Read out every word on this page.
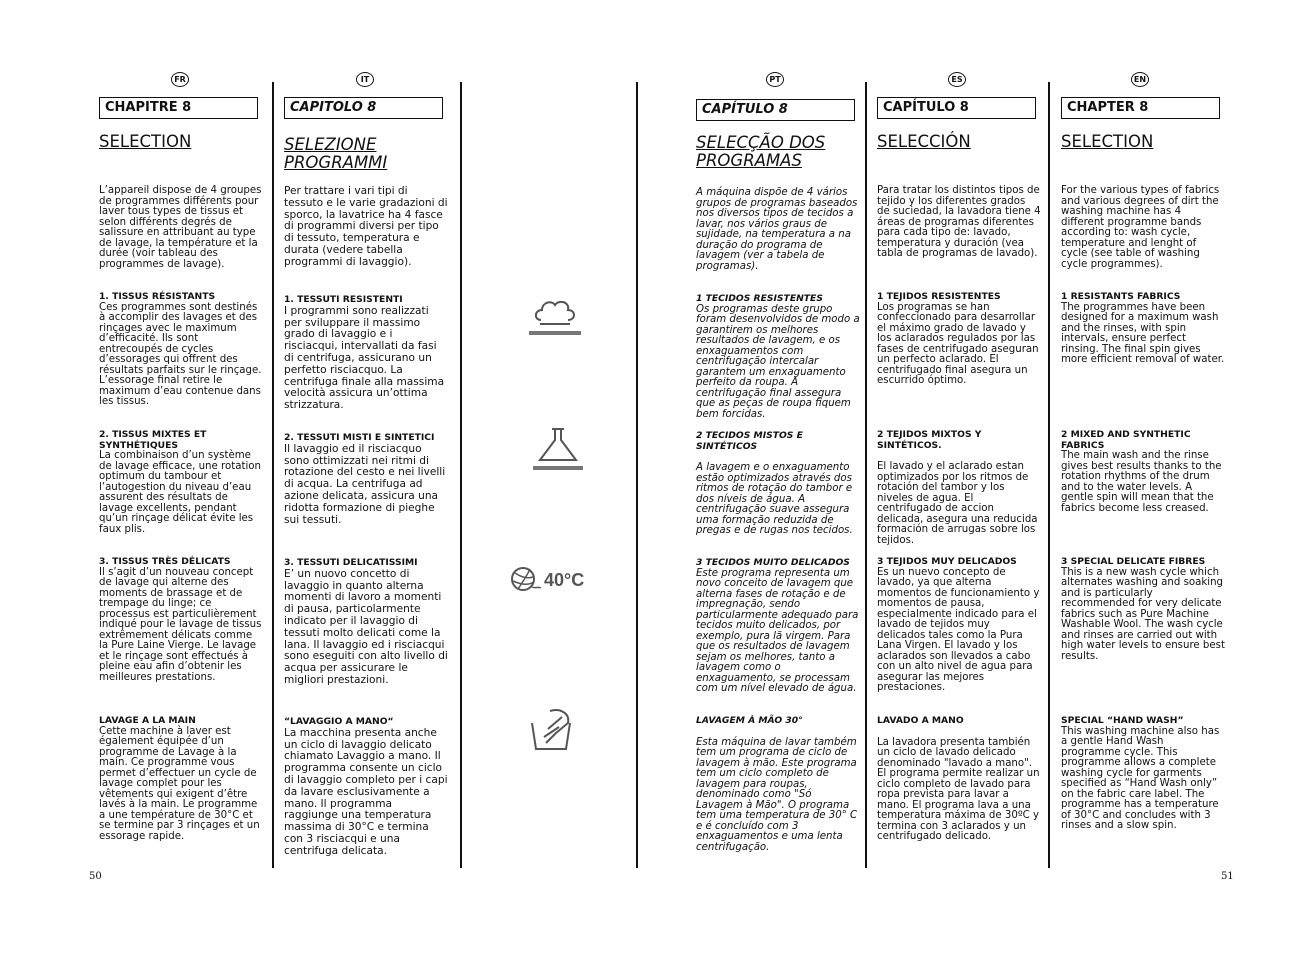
FR	IT	PT	ES	EN
CHAPITRE 8
SELECTION
L’appareil dispose de 4 groupes de programmes différents pour laver tous types de tissus et selon différents degrés de salissure en attribuant au type de lavage, la température et la durée (voir tableau des programmes de lavage).
1. TISSUS RÉSISTANTS
Ces programmes sont destinés à accomplir des lavages et des rinçages avec le maximum d’efficacité. Ils sont entrecoupés de cycles d’essorages qui offrent des résultats parfaits sur le rinçage. L’essorage final retire le maximum d’eau contenue dans les tissus.
2. TISSUS MIXTES ET SYNTHÉTIQUES
La combinaison d’un système de lavage efficace, une rotation optimum du tambour et l’autogestion du niveau d’eau assurent des résultats de lavage excellents, pendant qu’un rinçage délicat évite les faux plis.
3. TISSUS TRÈS DÉLICATS
Il s’agit d’un nouveau concept de lavage qui alterne des moments de brassage et de trempage du linge; ce processus est particulièrement indiqué pour le lavage de tissus extrêmement délicats comme la Pure Laine Vierge. Le lavage et le rinçage sont effectués à pleine eau afin d’obtenir les meilleures prestations.
LAVAGE A LA MAIN
Cette machine à laver est également équipée d’un programme de Lavage à la main. Ce programme vous permet d’effectuer un cycle de lavage complet pour les vêtements qui exigent d’être lavés à la main. Le programme a une température de 30°C et se termine par 3 rinçages et un essorage rapide.
CAPITOLO 8
SELEZIONE PROGRAMMI
Per trattare i vari tipi di tessuto e le varie gradazioni di sporco, la lavatrice ha 4 fasce di programmi diversi per tipo di tessuto, temperatura e durata (vedere tabella programmi di lavaggio).
1. TESSUTI RESISTENTI
I programmi sono realizzati per sviluppare il massimo grado di lavaggio e i risciacqui, intervallati da fasi di centrifuga, assicurano un perfetto risciacquo. La centrifuga finale alla massima velocità assicura un’ottima strizzatura.
2. TESSUTI MISTI E SINTETICI
Il lavaggio ed il risciacquo sono ottimizzati nei ritmi di rotazione del cesto e nei livelli di acqua. La centrifuga ad azione delicata, assicura una ridotta formazione di pieghe sui tessuti.
3. TESSUTI DELICATISSIMI
E’ un nuovo concetto di lavaggio in quanto alterna momenti di lavoro a momenti di pausa, particolarmente indicato per il lavaggio di tessuti molto delicati come la lana. Il lavaggio ed i risciacqui sono eseguiti con alto livello di acqua per assicurare le migliori prestazioni.
“LAVAGGIO A MANO“
La macchina presenta anche un ciclo di lavaggio delicato chiamato Lavaggio a mano. Il programma consente un ciclo di lavaggio completo per i capi da lavare esclusivamente a mano. Il programma raggiunge una temperatura massima di 30°C e termina con 3 risciacqui e una centrifuga delicata.
40°C
CAPÍTULO 8
SELECÇÃO DOS PROGRAMAS
A máquina dispõe de 4 vários grupos de programas baseados nos diversos tipos de tecidos a lavar, nos vários graus de sujidade, na temperatura a na duração do programa de lavagem (ver a tabela de programas).
1 TECIDOS RESISTENTES
Os programas deste grupo foram desenvolvidos de modo a garantirem os melhores resultados de lavagem, e os enxaguamentos com centrifugação intercalar garantem um enxaguamento perfeito da roupa. A centrifugação final assegura que as peças de roupa fiquem bem forcidas.
2 TECIDOS MISTOS E SINTÉTICOS
A lavagem e o enxaguamento estão optimizados através dos ritmos de rotação do tambor e dos níveis de água. A centrifugação suave assegura uma formação reduzida de pregas e de rugas nos tecidos.
3 TECIDOS MUITO DELICADOS
Este programa representa um novo conceito de lavagem que alterna fases de rotação e de impregnação, sendo particularmente adequado para tecidos muito delicados, por exemplo, pura lã virgem. Para que os resultados de lavagem sejam os melhores, tanto a lavagem como o enxaguamento, se processam com um nível elevado de água.
LAVAGEM À MÃO 30°
Esta máquina de lavar também tem um programa de ciclo de lavagem à mão. Este programa tem um ciclo completo de lavagem para roupas, denominado como "Só Lavagem à Mão". O programa tem uma temperatura de 30° C e é concluído com 3 enxaguamentos e uma lenta centrifugação.
CAPÍTULO 8
SELECCIÓN
Para tratar los distintos tipos de tejido y los diferentes grados de suciedad, la lavadora tiene 4 áreas de programas diferentes para cada tipo de: lavado, temperatura y duración (vea tabla de programas de lavado).
1 TEJIDOS RESISTENTES
Los programas se han confeccionado para desarrollar el máximo grado de lavado y los aclarados regulados por las fases de centrifugado aseguran un perfecto aclarado. El centrifugado final asegura un escurrido óptimo.
2 TEJIDOS MIXTOS Y SINTÉTICOS.
El lavado y el aclarado estan optimizados por los ritmos de rotación del tambor y los niveles de agua. El centrifugado de accion delicada, asegura una reducida formación de arrugas sobre los tejidos.
3 TEJIDOS MUY DELICADOS
Es un nuevo concepto de lavado, ya que alterna momentos de funcionamiento y momentos de pausa, especialmente indicado para el lavado de tejidos muy delicados tales como la Pura Lana Virgen. El lavado y los aclarados son llevados a cabo con un alto nivel de agua para asegurar las mejores prestaciones.
LAVADO A MANO
La lavadora presenta también un ciclo de lavado delicado denominado "lavado a mano". El programa permite realizar un ciclo completo de lavado para ropa prevista para lavar a mano. El programa lava a una temperatura máxima de 30ºC y termina con 3 aclarados y un centrifugado delicado.
CHAPTER 8
SELECTION
For the various types of fabrics and various degrees of dirt the washing machine has 4 different programme bands according to: wash cycle, temperature and lenght of cycle (see table of washing cycle programmes).
1 RESISTANTS FABRICS
The programmes have been designed for a maximum wash and the rinses, with spin intervals, ensure perfect rinsing. The final spin gives more efficient removal of water.
2 MIXED AND SYNTHETIC FABRICS
The main wash and the rinse gives best results thanks to the rotation rhythms of the drum and to the water levels. A gentle spin will mean that the fabrics become less creased.
3 SPECIAL DELICATE FIBRES
This is a new wash cycle which alternates washing and soaking and is particularly recommended for very delicate fabrics such as Pure Machine Washable Wool. The wash cycle and rinses are carried out with high water levels to ensure best results.
SPECIAL “HAND WASH”
This washing machine also has a gentle Hand Wash programme cycle. This programme allows a complete washing cycle for garments specified as “Hand Wash only” on the fabric care label. The programme has a temperature of 30°C and concludes with 3 rinses and a slow spin.
50	51
